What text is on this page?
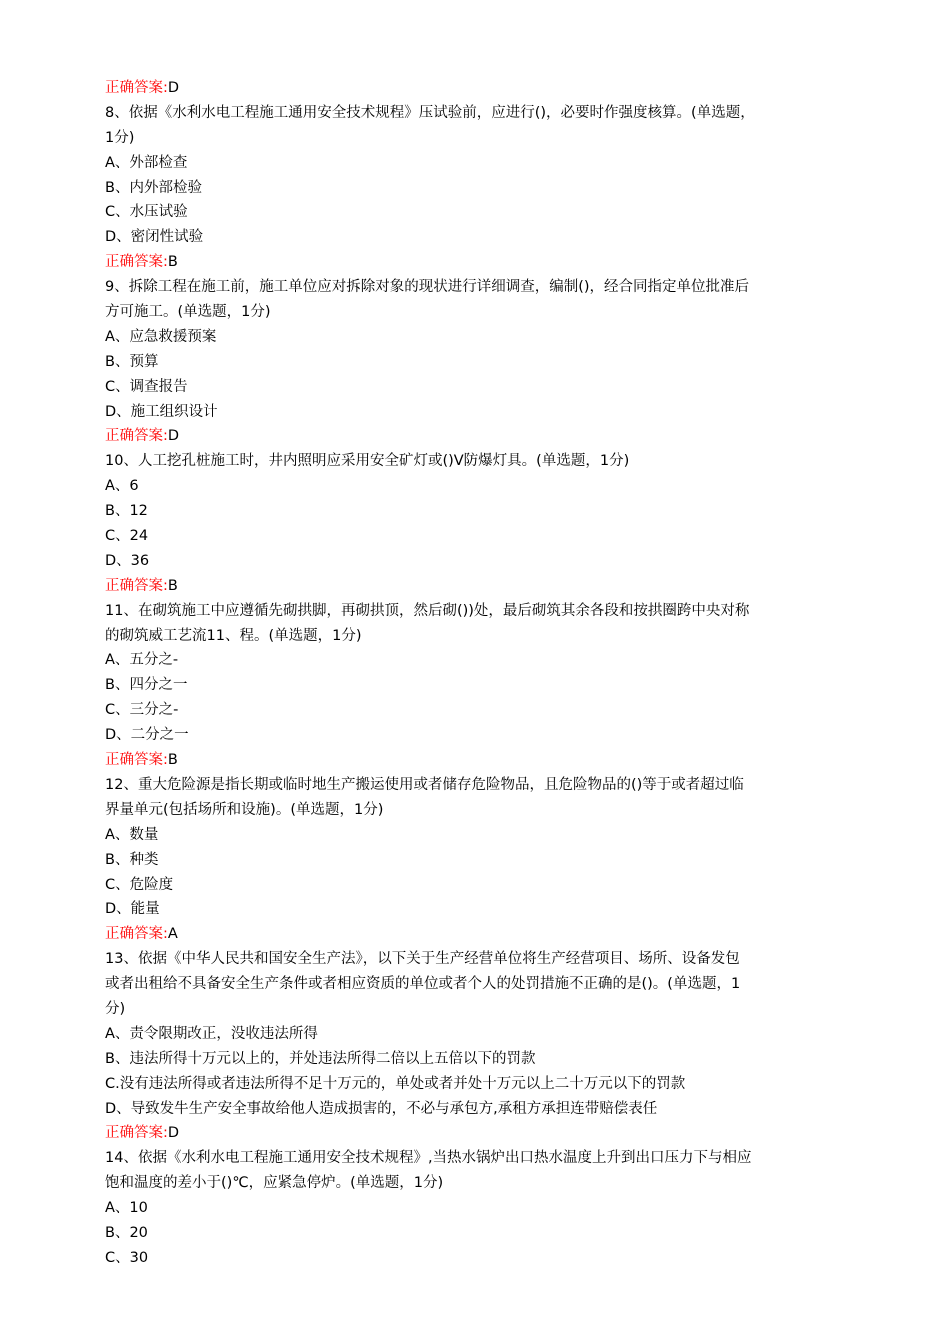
正确答案:D
8、依据《水利水电工程施工通用安全技术规程》压试验前，应进行()，必要时作强度核算。(单选题，
1分)
A、外部检查
B、内外部检验
C、水压试验
D、密闭性试验
正确答案:B
9、拆除工程在施工前，施工单位应对拆除对象的现状进行详细调查，编制()，经合同指定单位批准后
方可施工。(单选题，1分)
A、应急救援预案
B、预算
C、调查报告
D、施工组织设计
正确答案:D
10、人工挖孔桩施工时，井内照明应采用安全矿灯或()V防爆灯具。(单选题，1分)
A、6
B、12
C、24
D、36
正确答案:B
11、在砌筑施工中应遵循先砌拱脚，再砌拱顶，然后砌())处，最后砌筑其余各段和按拱圈跨中央对称
的砌筑威工艺流11、程。(单选题，1分)
A、五分之-
B、四分之一
C、三分之-
D、二分之一
正确答案:B
12、重大危险源是指长期或临时地生产搬运使用或者储存危险物品，且危险物品的()等于或者超过临
界量单元(包括场所和设施)。(单选题，1分)
A、数量
B、种类
C、危险度
D、能量
正确答案:A
13、依据《中华人民共和国安全生产法》，以下关于生产经营单位将生产经营项目、场所、设备发包
或者出租给不具备安全生产条件或者相应资质的单位或者个人的处罚措施不正确的是()。(单选题，1
分)
A、责令限期改正，没收违法所得
B、违法所得十万元以上的，并处违法所得二倍以上五倍以下的罚款
C.没有违法所得或者违法所得不足十万元的，单处或者并处十万元以上二十万元以下的罚款
D、导致发牛生产安全事故给他人造成损害的，不必与承包方,承租方承担连带赔偿表任
正确答案:D
14、依据《水利水电工程施工通用安全技术规程》,当热水锅炉出口热水温度上升到出口压力下与相应
饱和温度的差小于()℃，应紧急停炉。(单选题，1分)
A、10
B、20
C、30
